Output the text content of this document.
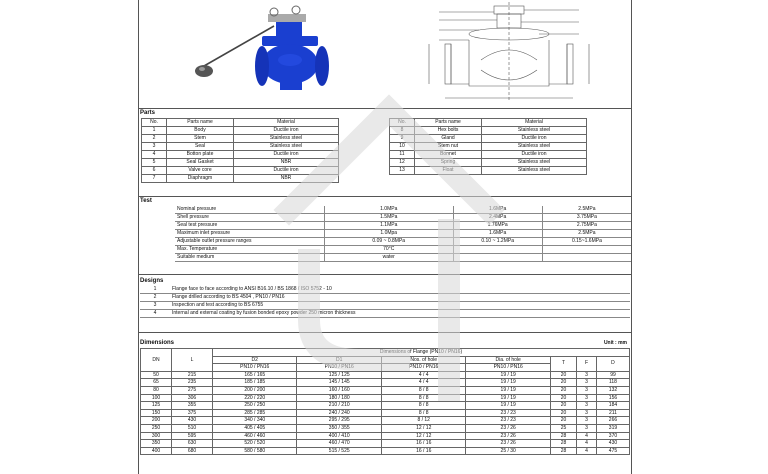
Parts
No.	Parts name	Material
1	Body	Ductile iron
2	Stem	Stainless steel
3	Seal	Stainless steel
4	Botton plate	Ductile iron
5	Seal Gasket	NBR
6	Valve core	Ductile iron
7	Diaphragm	NBR
No.	Parts name	Material
8	Hex bolts	Stainless steel
9	Gland	Ductile iron
10	Stem nut	Stainless steel
11	Bonnet	Ductile iron
12	Spring	Stainless steel
13	Float	Stainless steel
Test
Nominal pressure	1.0MPa	1.6MPa	2.5MPa
Shell pressure	1.5MPa	2.4MPa	3.75MPa
Seal test pressure	1.1MPa	1.76MPa	2.75MPa
Maximum inlet pressure	1.0Mpa	1.6MPa	2.5MPa
Adjustable outlet pressure ranges	0.09 ~ 0.8MPa	0.10 ~ 1.2MPa	0.15~1.6MPa
Max. Temperature	70°C		
Suitable medium	water		
Designs
1	Flange face to face according to ANSI B16.10 / BS 1868 / ISO 5752 - 10
2	Flange drilled according to BS 4504 , PN10 / PN16
3	Inspection and test according to BS 6755
4	Internal and external coating by fusion bonded epoxy powder 250 micron thickness
Dimensions	Unit : mm
DN	L	Dimensions of Flange (PN10 / PN16)						
		D2	D1	Nos. of hole	Dia. of hole	T	F	D
		PN10 / PN16	PN10 / PN16	PN10 / PN16	PN10 / PN16			
50	215	165 / 165	125 / 125	4 / 4	19 / 19	20	3	99
65	235	185 / 185	145 / 145	4 / 4	19 / 19	20	3	118
80	275	200 / 200	160 / 160	8 / 8	19 / 19	20	3	132
100	306	220 / 220	180 / 180	8 / 8	19 / 19	20	3	156
125	355	250 / 250	210 / 210	8 / 8	19 / 19	20	3	184
150	375	285 / 285	240 / 240	8 / 8	23 / 23	20	3	211
200	430	340 / 340	295 / 295	8 / 12	23 / 23	20	3	266
250	510	405 / 405	350 / 355	12 / 12	23 / 26	25	3	319
300	595	460 / 460	400 / 410	12 / 12	23 / 26	28	4	370
350	630	520 / 520	460 / 470	16 / 16	23 / 26	28	4	430
400	680	580 / 580	515 / 525	16 / 16	25 / 30	28	4	475
